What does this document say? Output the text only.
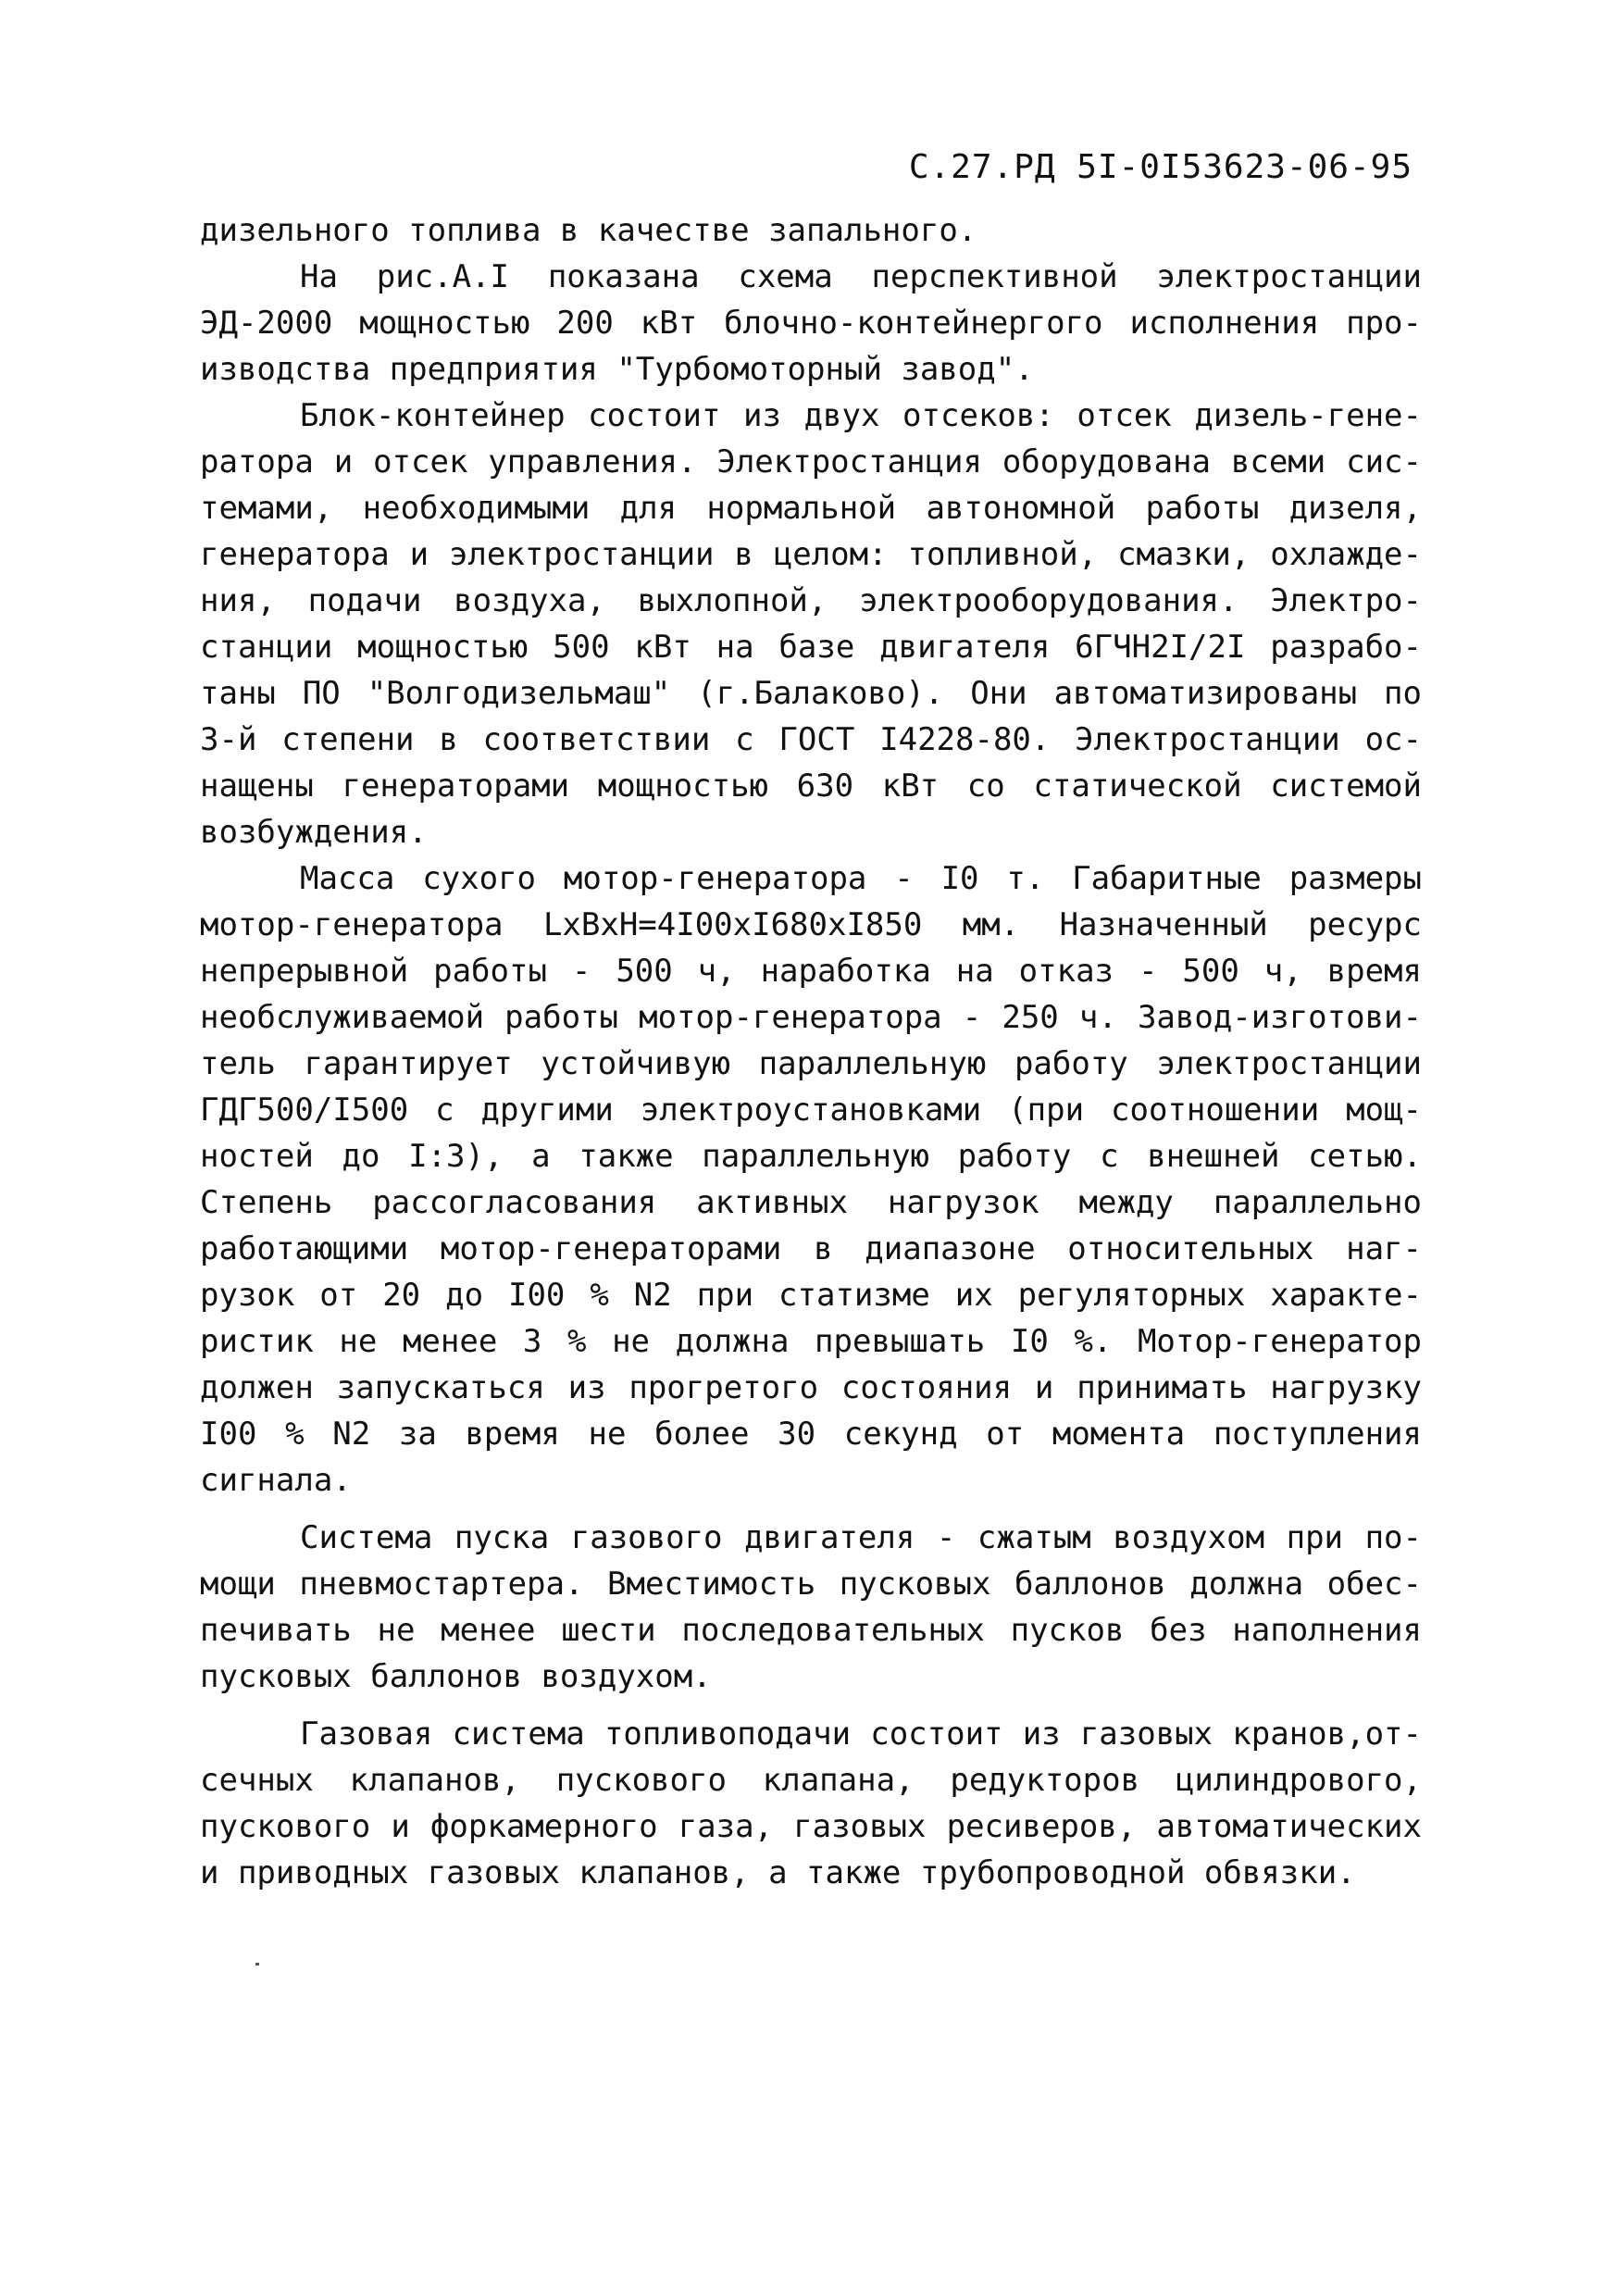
С.27.РД 5I-0I53623-06-95
дизельного топлива в качестве запального.
На рис.А.I показана схема перспективной электростанции
ЭД-2000 мощностью 200 кВт блочно-контейнергого исполнения про-
изводства предприятия "Турбомоторный завод".
Блок-контейнер состоит из двух отсеков: отсек дизель-гене-
ратора и отсек управления. Электростанция оборудована всеми сис-
темами, необходимыми для нормальной автономной работы дизеля,
генератора и электростанции в целом: топливной, смазки, охлажде-
ния, подачи воздуха, выхлопной, электрооборудования. Электро-
станции мощностью 500 кВт на базе двигателя 6ГЧН2I/2I разрабо-
таны ПО "Волгодизельмаш" (г.Балаково). Они автоматизированы по
3-й степени в соответствии с ГОСТ I4228-80. Электростанции ос-
нащены генераторами мощностью 630 кВт со статической системой
возбуждения.
Масса сухого мотор-генератора - I0 т. Габаритные размеры
мотор-генератора LxBxH=4I00xI680xI850 мм. Назначенный ресурс
непрерывной работы - 500 ч, наработка на отказ - 500 ч, время
необслуживаемой работы мотор-генератора - 250 ч. Завод-изготови-
тель гарантирует устойчивую параллельную работу электростанции
ГДГ500/I500 с другими электроустановками (при соотношении мощ-
ностей до I:3), а также параллельную работу с внешней сетью.
Степень рассогласования активных нагрузок между параллельно
работающими мотор-генераторами в диапазоне относительных наг-
рузок от 20 до I00 % N2 при статизме их регуляторных характе-
ристик не менее 3 % не должна превышать I0 %. Мотор-генератор
должен запускаться из прогретого состояния и принимать нагрузку
I00 % N2 за время не более 30 секунд от момента поступления
сигнала.
Система пуска газового двигателя - сжатым воздухом при по-
мощи пневмостартера. Вместимость пусковых баллонов должна обес-
печивать не менее шести последовательных пусков без наполнения
пусковых баллонов воздухом.
Газовая система топливоподачи состоит из газовых кранов,от-
сечных клапанов, пускового клапана, редукторов цилиндрового,
пускового и форкамерного газа, газовых ресиверов, автоматических
и приводных газовых клапанов, а также трубопроводной обвязки.
